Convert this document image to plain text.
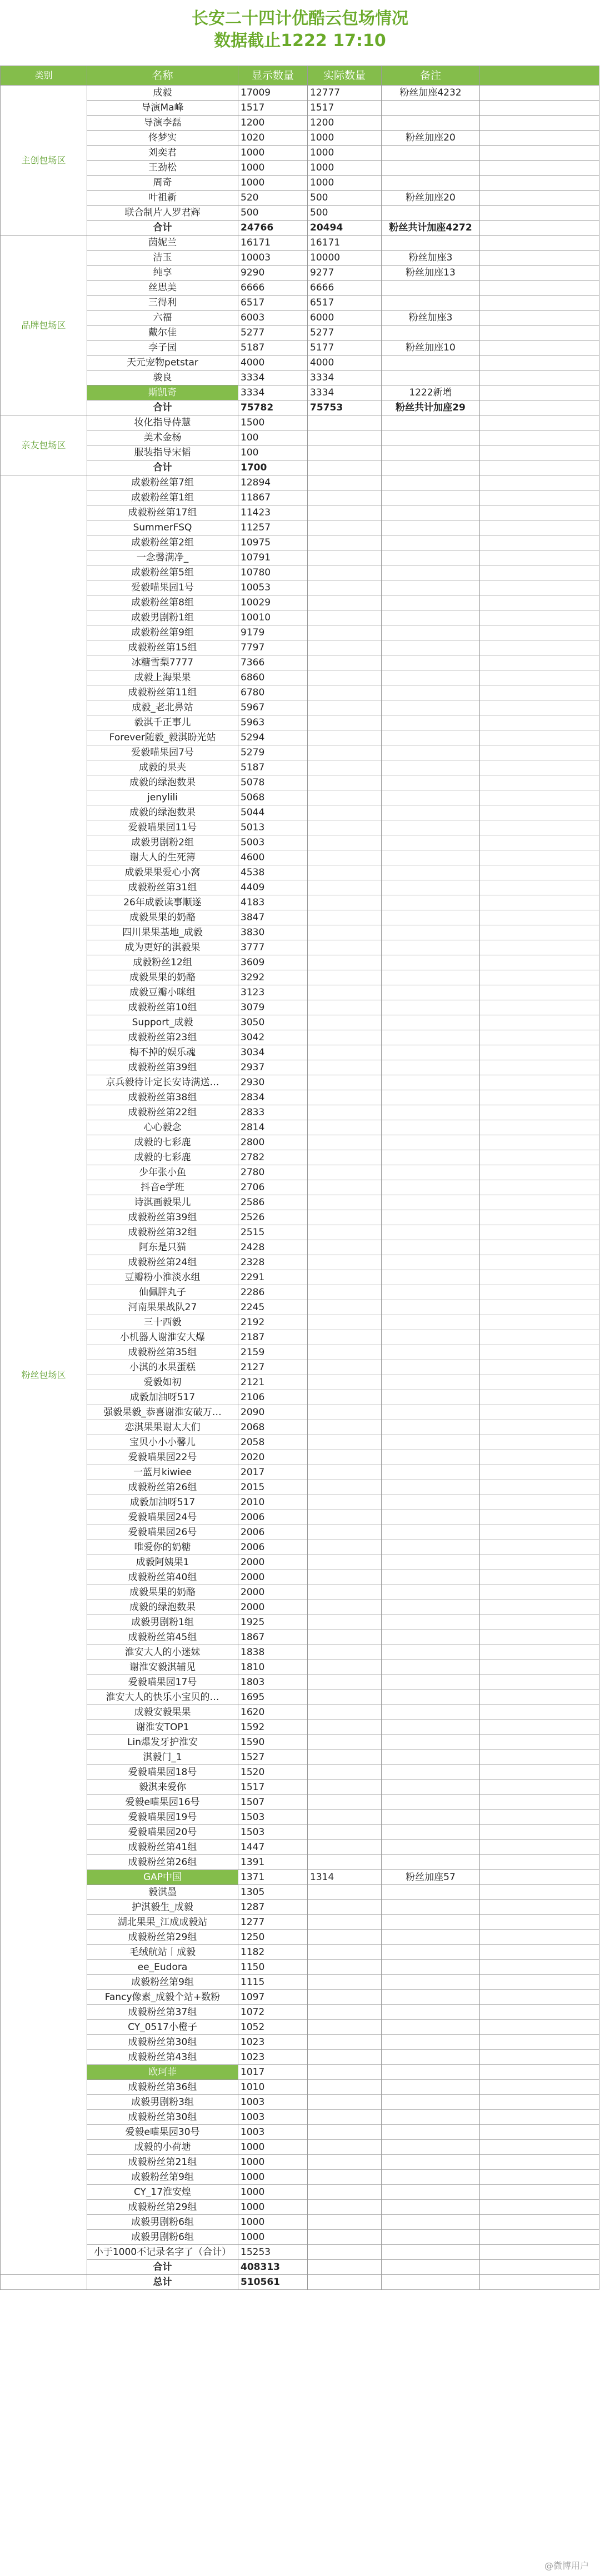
长安二十四计优酷云包场情况
数据截止1222 17:10
类别	名称	显示数量	实际数量	备注	
主创包场区	成毅	17009	12777	粉丝加座4232	
	导演Ma峰	1517	1517		
	导演李磊	1200	1200		
	佟梦实	1020	1000	粉丝加座20	
	刘奕君	1000	1000		
	王劲松	1000	1000		
	周奇	1000	1000		
	叶祖新	520	500	粉丝加座20	
	联合制片人罗君辉	500	500		
	合计	24766	20494	粉丝共计加座4272	
品牌包场区	茵妮兰	16171	16171		
	洁玉	10003	10000	粉丝加座3	
	纯享	9290	9277	粉丝加座13	
	丝思美	6666	6666		
	三得利	6517	6517		
	六福	6003	6000	粉丝加座3	
	戴尔佳	5277	5277		
	李子园	5187	5177	粉丝加座10	
	天元宠物petstar	4000	4000		
	骏良	3334	3334		
	斯凯奇	3334	3334	1222新增	
	合计	75782	75753	粉丝共计加座29	
亲友包场区	妆化指导侍慧	1500			
	美术金杨	100			
	服装指导宋韬	100			
	合计	1700			
粉丝包场区	成毅粉丝第7组	12894			
	成毅粉丝第1组	11867			
	成毅粉丝第17组	11423			
	SummerFSQ	11257			
	成毅粉丝第2组	10975			
	一念馨满净_	10791			
	成毅粉丝第5组	10780			
	爱毅喵果园1号	10053			
	成毅粉丝第8组	10029			
	成毅男剧粉1组	10010			
	成毅粉丝第9组	9179			
	成毅粉丝第15组	7797			
	冰糖雪梨7777	7366			
	成毅上海果果	6860			
	成毅粉丝第11组	6780			
	成毅_老北鼻站	5967			
	毅淇千正事儿	5963			
	Forever随毅_毅淇盼光站	5294			
	爱毅喵果园7号	5279			
	成毅的果夹	5187			
	成毅的绿泡数果	5078			
	jenylili	5068			
	成毅的绿泡数果	5044			
	爱毅喵果园11号	5013			
	成毅男剧粉2组	5003			
	谢大人的生死簿	4600			
	成毅果果爱心小窝	4538			
	成毅粉丝第31组	4409			
	26年成毅读事顺遂	4183			
	成毅果果的奶酪	3847			
	四川果果基地_成毅	3830			
	成为更好的淇毅果	3777			
	成毅粉丝12组	3609			
	成毅果果的奶酪	3292			
	成毅豆瓣小咪组	3123			
	成毅粉丝第10组	3079			
	Support_成毅	3050			
	成毅粉丝第23组	3042			
	梅不掉的娱乐魂	3034			
	成毅粉丝第39组	2937			
	京兵毅待计定长安诗满送…	2930			
	成毅粉丝第38组	2834			
	成毅粉丝第22组	2833			
	心心毅念	2814			
	成毅的七彩鹿	2800			
	成毅的七彩鹿	2782			
	少年张小鱼	2780			
	抖音e学班	2706			
	诗淇画毅果儿	2586			
	成毅粉丝第39组	2526			
	成毅粉丝第32组	2515			
	阿东是只猫	2428			
	成毅粉丝第24组	2328			
	豆瓣粉小淮淡水组	2291			
	仙佩胖丸子	2286			
	河南果果战队27	2245			
	三十西毅	2192			
	小机器人谢淮安大爆	2187			
	成毅粉丝第35组	2159			
	小淇的水果蛋糕	2127			
	爱毅如初	2121			
	成毅加油呀517	2106			
	强毅果毅_恭喜谢淮安破万…	2090			
	恋淇果果谢太大们	2068			
	宝贝小小小馨儿	2058			
	爱毅喵果园22号	2020			
	一蓝月kiwiee	2017			
	成毅粉丝第26组	2015			
	成毅加油呀517	2010			
	爱毅喵果园24号	2006			
	爱毅喵果园26号	2006			
	唯爱你的奶糖	2006			
	成毅阿姨果1	2000			
	成毅粉丝第40组	2000			
	成毅果果的奶酪	2000			
	成毅的绿泡数果	2000			
	成毅男剧粉1组	1925			
	成毅粉丝第45组	1867			
	淮安大人的小迷妹	1838			
	谢淮安毅淇辅见	1810			
	爱毅喵果园17号	1803			
	淮安大人的快乐小宝贝的…	1695			
	成毅安毅果果	1620			
	谢淮安TOP1	1592			
	Lin爆发牙护淮安	1590			
	淇毅门_1	1527			
	爱毅喵果园18号	1520			
	毅淇来爱你	1517			
	爱毅e喵果园16号	1507			
	爱毅喵果园19号	1503			
	爱毅喵果园20号	1503			
	成毅粉丝第41组	1447			
	成毅粉丝第26组	1391			
	GAP中国	1371	1314	粉丝加座57	
	毅淇墨	1305			
	护淇毅生_成毅	1287			
	湖北果果_江成成毅站	1277			
	成毅粉丝第29组	1250			
	毛绒航站丨成毅	1182			
	ee_Eudora	1150			
	成毅粉丝第9组	1115			
	Fancy像素_成毅个站+数粉	1097			
	成毅粉丝第37组	1072			
	CY_0517小橙子	1052			
	成毅粉丝第30组	1023			
	成毅粉丝第43组	1023			
	欧珂菲	1017			
	成毅粉丝第36组	1010			
	成毅男剧粉3组	1003			
	成毅粉丝第30组	1003			
	爱毅e喵果园30号	1003			
	成毅的小荷塘	1000			
	成毅粉丝第21组	1000			
	成毅粉丝第9组	1000			
	CY_17淮安煌	1000			
	成毅粉丝第29组	1000			
	成毅男剧粉6组	1000			
	成毅男剧粉6组	1000			
	小于1000不记录名字了（合计）	15253			
	合计	408313			
	总计	510561			
@微博用户
